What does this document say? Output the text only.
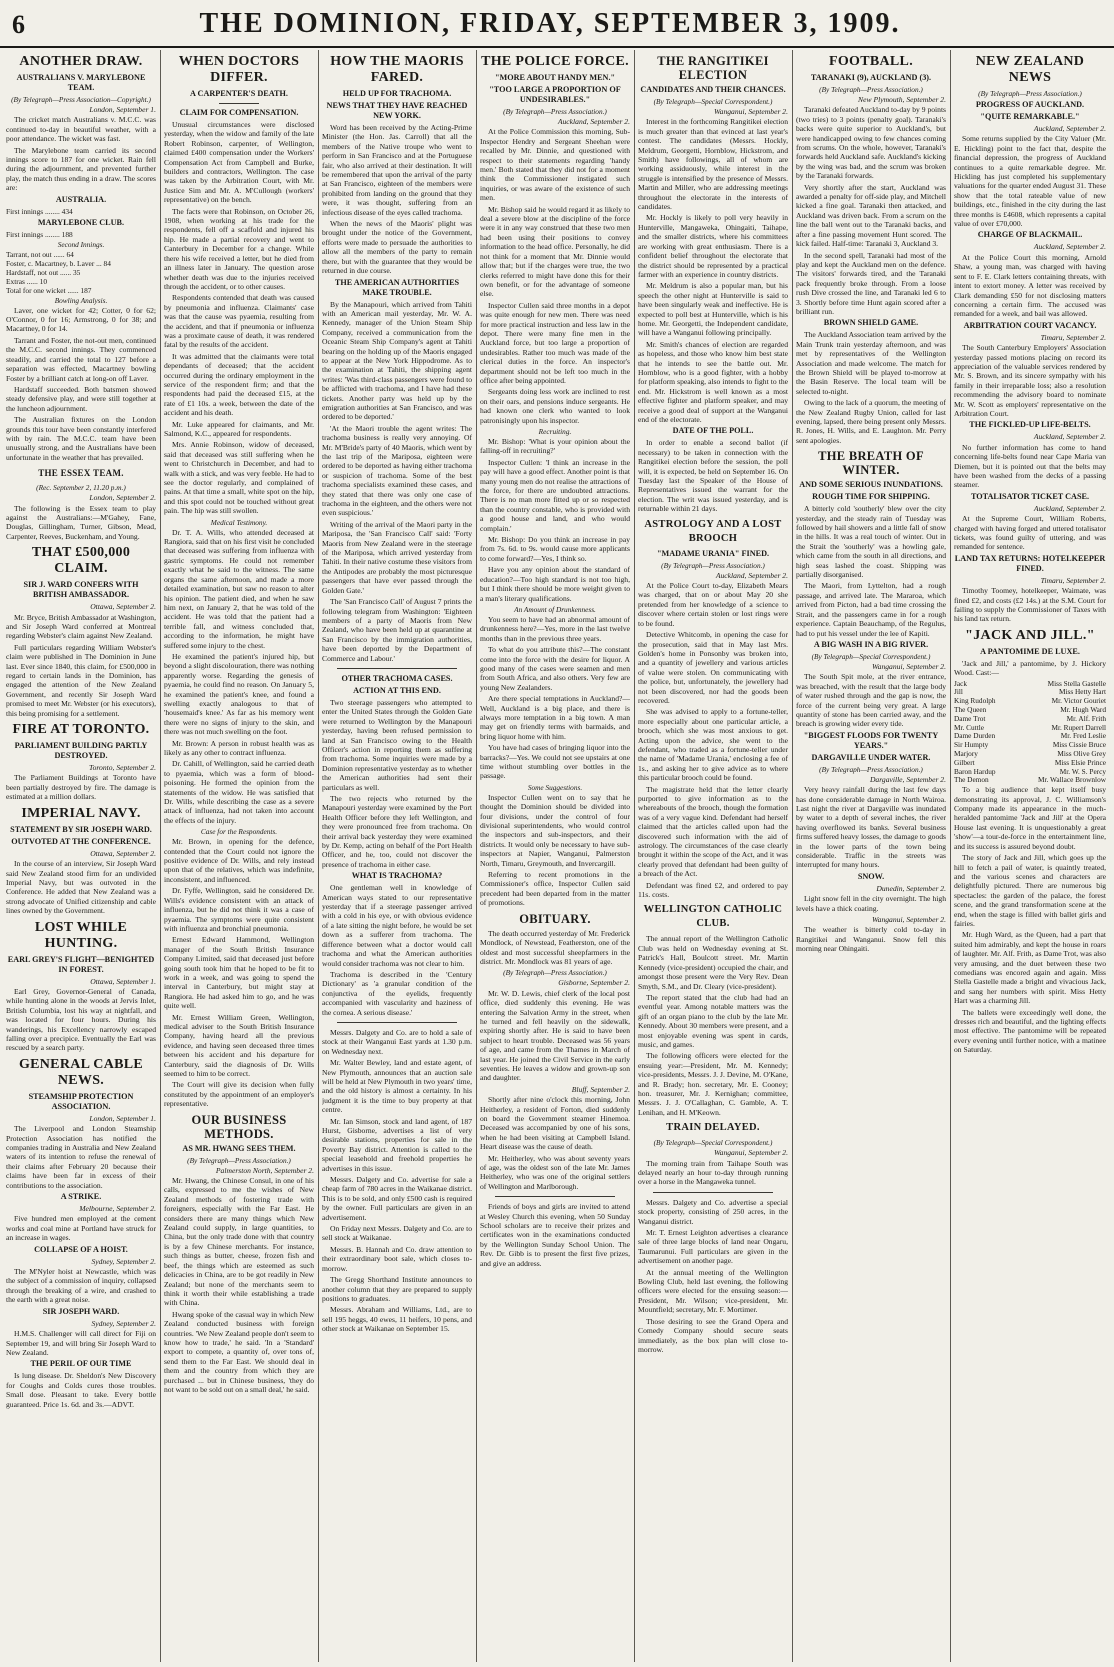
6	THE DOMINION, FRIDAY, SEPTEMBER 3, 1909.
ANOTHER DRAW.
AUSTRALIANS V. MARYLEBONE TEAM.
(By Telegraph—Press Association—Copyright.)
London, September 1.
The cricket match Australians v. M.C.C. was continued to-day in beautiful weather, with a poor attendance. The wicket was fast.
The Marylebone team carried its second innings score to 187 for one wicket. Rain fell during the adjournment, and prevented further play, the match thus ending in a draw. The scores are:
AUSTRALIA.
First innings ........ 434
MARYLEBONE CLUB.
First innings ........ 188
Second Innings.
Tarrant, not out ...... 64
Foster, c. Macartney, b. Laver ... 84
Hardstaff, not out ...... 35
Extras ...... 10
Total for one wicket ...... 187
Bowling Analysis.
Laver, one wicket for 42; Cotter, 0 for 62; O'Connor, 0 for 16; Armstrong, 0 for 38; and Macartney, 0 for 14.
Tarrant and Foster, the not-out men, continued the M.C.C. second innings. They commenced steadily, and carried the total to 127 before a separation was effected, Macartney bowling Foster by a brilliant catch at long-on off Laver.
Hardstaff succeeded. Both batsmen showed steady defensive play, and were still together at the luncheon adjournment.
The Australian fixtures on the London grounds this tour have been constantly interfered with by rain. The M.C.C. team have been unusually strong, and the Australians have been unfortunate in the weather that has prevailed.
THE ESSEX TEAM.
(Rec. September 2, 11.20 p.m.)
London, September 2.
The following is the Essex team to play against the Australians:—M'Gahey, Fane, Douglas, Gillingham, Turner, Gibson, Mead, Carpenter, Reeves, Buckenham, and Young.
THAT £500,000 CLAIM.
SIR J. WARD CONFERS WITH BRITISH AMBASSADOR.
Ottawa, September 2.
Mr. Bryce, British Ambassador at Washington, and Sir Joseph Ward conferred at Montreal regarding Webster's claim against New Zealand.
Full particulars regarding William Webster's claim were published in The Dominion in June last. Ever since 1840, this claim, for £500,000 in regard to certain lands in the Dominion, has engaged the attention of the New Zealand Government, and recently Sir Joseph Ward promised to meet Mr. Webster (or his executors), this being promising for a settlement.
FIRE AT TORONTO.
PARLIAMENT BUILDING PARTLY DESTROYED.
Toronto, September 2.
The Parliament Buildings at Toronto have been partially destroyed by fire. The damage is estimated at a million dollars.
IMPERIAL NAVY.
STATEMENT BY SIR JOSEPH WARD.
OUTVOTED AT THE CONFERENCE.
Ottawa, September 2.
In the course of an interview, Sir Joseph Ward said New Zealand stood firm for an undivided Imperial Navy, but was outvoted in the Conference. He added that New Zealand was a strong advocate of Unified citizenship and cable lines owned by the Government.
LOST WHILE HUNTING.
EARL GREY'S FLIGHT—BENIGHTED IN FOREST.
Ottawa, September 1.
Earl Grey, Governor-General of Canada, while hunting alone in the woods at Jervis Inlet, British Columbia, lost his way at nightfall, and was located for four hours. During his wanderings, his Excellency narrowly escaped falling over a precipice. Eventually the Earl was rescued by a search party.
GENERAL CABLE NEWS.
STEAMSHIP PROTECTION ASSOCIATION.
London, September 1.
The Liverpool and London Steamship Protection Association has notified the companies trading in Australia and New Zealand waters of its intention to refuse the renewal of their claims after February 20 because their claims have been far in excess of their contributions to the association.
A STRIKE.
Melbourne, September 2.
Five hundred men employed at the cement works and coal mine at Portland have struck for an increase in wages.
COLLAPSE OF A HOIST.
Sydney, September 2.
The M'Nyler hoist at Newcastle, which was the subject of a commission of inquiry, collapsed through the breaking of a wire, and crashed to the earth with a great noise.
SIR JOSEPH WARD.
Sydney, September 2.
H.M.S. Challenger will call direct for Fiji on September 19, and will bring Sir Joseph Ward to New Zealand.
THE PERIL OF OUR TIME
Is lung disease. Dr. Sheldon's New Discovery for Coughs and Colds cures those troubles. Small dose. Pleasant to take. Every bottle guaranteed. Price 1s. 6d. and 3s.—ADVT.
WHEN DOCTORS DIFFER.
A CARPENTER'S DEATH.
CLAIM FOR COMPENSATION.
Unusual circumstances were disclosed yesterday, when the widow and family of the late Robert Robinson, carpenter, of Wellington, claimed £400 compensation under the Workers' Compensation Act from Campbell and Burke, builders and contractors, Wellington. The case was taken by the Arbitration Court, with Mr. Justice Sim and Mr. A. M'Cullough (workers' representative) on the bench.
The facts were that Robinson, on October 26, 1908, when working at his trade for the respondents, fell off a scaffold and injured his hip. He made a partial recovery and went to Canterbury in December for a change. While there his wife received a letter, but he died from an illness later in January. The question arose whether death was due to the injuries received through the accident, or to other causes.
Respondents contended that death was caused by pneumonia and influenza. Claimants' case was that the cause was pyaemia, resulting from the accident, and that if pneumonia or influenza was a proximate cause of death, it was rendered fatal by the results of the accident.
It was admitted that the claimants were total dependants of deceased; that the accident occurred during the ordinary employment in the service of the respondent firm; and that the respondents had paid the deceased £15, at the rate of £1 10s. a week, between the date of the accident and his death.
Mr. Luke appeared for claimants, and Mr. Salmond, K.C., appeared for respondents.
Mrs. Annie Robinson, widow of deceased, said that deceased was still suffering when he went to Christchurch in December, and had to walk with a stick, and was very feeble. He had to see the doctor regularly, and complained of pains. At that time a small, white spot on the hip, and this spot could not be touched without great pain. The hip was still swollen.
Medical Testimony.
Dr. T. A. Wills, who attended deceased at Rangiora, said that on his first visit he concluded that deceased was suffering from influenza with gastric symptoms. He could not remember exactly what he said to the witness. The same organs the same afternoon, and made a more detailed examination, but saw no reason to alter his opinion. The patient died, and when he saw him next, on January 2, that he was told of the accident. He was told that the patient had a terrible fall, and witness concluded that, according to the information, he might have suffered some injury to the chest.
He examined the patient's injured hip, but beyond a slight discolouration, there was nothing apparently worse. Regarding the genesis of pyaemia, he could find no reason. On January 5, he examined the patient's knee, and found a swelling exactly analogous to that of 'housemaid's knee.' As far as his memory went there were no signs of injury to the skin, and there was not much swelling on the foot.
Mr. Brown: A person in robust health was as likely as any other to contract influenza.
Dr. Cahill, of Wellington, said he carried death to pyaemia, which was a form of blood-poisoning. He formed the opinion from the statements of the widow. He was satisfied that Dr. Wills, while describing the case as a severe attack of influenza, had not taken into account the effects of the injury.
Case for the Respondents.
Mr. Brown, in opening for the defence, contended that the Court could not ignore the positive evidence of Dr. Wills, and rely instead upon that of the relatives, which was indefinite, inconsistent, and influenced.
Dr. Fyffe, Wellington, said he considered Dr. Wills's evidence consistent with an attack of influenza, but he did not think it was a case of pyaemia. The symptoms were quite consistent with influenza and bronchial pneumonia.
Ernest Edward Hammond, Wellington manager of the South British Insurance Company Limited, said that deceased just before going south took him that he hoped to be fit to work in a week, and was going to spend the interval in Canterbury, but might stay at Rangiora. He had asked him to go, and he was quite well.
Mr. Ernest William Green, Wellington, medical adviser to the South British Insurance Company, having heard all the previous evidence, and having seen deceased three times between his accident and his departure for Canterbury, said the diagnosis of Dr. Wills seemed to him to be correct.
The Court will give its decision when fully constituted by the appointment of an employer's representative.
OUR BUSINESS METHODS.
AS MR. HWANG SEES THEM.
(By Telegraph—Press Association.)
Palmerston North, September 2.
Mr. Hwang, the Chinese Consul, in one of his calls, expressed to me the wishes of New Zealand methods of fostering trade with foreigners, especially with the Far East. He considers there are many things which New Zealand could supply, in large quantities, to China, but the only trade done with that country is by a few Chinese merchants. For instance, such things as butter, cheese, frozen fish and beef, the things which are esteemed as such delicacies in China, are to be got readily in New Zealand; but none of the merchants seem to think it worth their while establishing a trade with China.
Hwang spoke of the casual way in which New Zealand conducted business with foreign countries. 'We New Zealand people don't seem to know how to trade,' he said. 'In a 'Standard' export to compete, a quantity of, over tons of, send them to the Far East. We should deal in them and the country from which they are purchased ... but in Chinese business, 'they do not want to be sold out on a small deal,' he said.
HOW THE MAORIS FARED.
HELD UP FOR TRACHOMA.
NEWS THAT THEY HAVE REACHED NEW YORK.
Word has been received by the Acting-Prime Minister (the Hon. Jas. Carroll) that all the members of the Native troupe who went to perform in San Francisco and at the Portuguese fair, who also arrived at their destination. It will be remembered that upon the arrival of the party at San Francisco, eighteen of the members were prohibited from landing on the ground that they were, it was thought, suffering from an infectious disease of the eyes called trachoma.
When the news of the Maoris' plight was brought under the notice of the Government, efforts were made to persuade the authorities to allow all the members of the party to remain there, but with the guarantee that they would be returned in due course.
THE AMERICAN AUTHORITIES MAKE TROUBLE.
By the Manapouri, which arrived from Tahiti with an American mail yesterday, Mr. W. A. Kennedy, manager of the Union Steam Ship Company, received a communication from the Oceanic Steam Ship Company's agent at Tahiti bearing on the holding up of the Maoris engaged to appear at the New York Hippodrome. As to the examination at Tahiti, the shipping agent writes: 'Was third-class passengers were found to be afflicted with trachoma, and I have had these tickets. Another party was held up by the emigration authorities at San Francisco, and was ordered to be deported.'
'At the Maori trouble the agent writes: The trachoma business is really very annoying. Of Mr. M'Bride's party of 40 Maoris, which went by the last trip of the Mariposa, eighteen were ordered to be deported as having either trachoma or suspicion of trachoma. Some of the best trachoma specialists examined these cases, and they stated that there was only one case of trachoma in the eighteen, and the others were not even suspicious.'
Writing of the arrival of the Maori party in the Mariposa, the 'San Francisco Call' said: 'Forty Maoris from New Zealand were in the steerage of the Mariposa, which arrived yesterday from Tahiti. In their native costume these visitors from the Antipodes are probably the most picturesque passengers that have ever passed through the Golden Gate.'
The 'San Francisco Call' of August 7 prints the following telegram from Washington: 'Eighteen members of a party of Maoris from New Zealand, who have been held up at quarantine at San Francisco by the immigration authorities, have been deported by the Department of Commerce and Labour.'
OTHER TRACHOMA CASES.
ACTION AT THIS END.
Two steerage passengers who attempted to enter the United States through the Golden Gate were returned to Wellington by the Manapouri yesterday, having been refused permission to land at San Francisco owing to the Health Officer's action in reporting them as suffering from trachoma. Some inquiries were made by a Dominion representative yesterday as to whether the American authorities had sent their particulars as well.
The two rejects who returned by the Manapouri yesterday were examined by the Port Health Officer before they left Wellington, and they were pronounced free from trachoma. On their arrival back yesterday they were examined by Dr. Kemp, acting on behalf of the Port Health Officer, and he, too, could not discover the presence of trachoma in either case.
WHAT IS TRACHOMA?
One gentleman well in knowledge of American ways stated to our representative yesterday that if a steerage passenger arrived with a cold in his eye, or with obvious evidence of a late sitting the night before, he would be set down as a sufferer from trachoma. The difference between what a doctor would call trachoma and what the American authorities would consider trachoma was not clear to him.
Trachoma is described in the 'Century Dictionary' as 'a granular condition of the conjunctiva of the eyelids, frequently accompanied with vascularity and haziness of the cornea. A serious disease.'
Messrs. Dalgety and Co. are to hold a sale of stock at their Wanganui East yards at 1.30 p.m. on Wednesday next.
Mr. Walter Bewley, land and estate agent, of New Plymouth, announces that an auction sale will be held at New Plymouth in two years' time, and the old history is almost a certainty. In his judgment it is the time to buy property at that centre.
Mr. Ian Simson, stock and land agent, of 187 Hurst, Gisborne, advertises a list of very desirable stations, properties for sale in the Poverty Bay district. Attention is called to the special leasehold and freehold properties he advertises in this issue.
Messrs. Dalgety and Co. advertise for sale a cheap farm of 780 acres in the Waikanae district. This is to be sold, and only £500 cash is required by the owner. Full particulars are given in an advertisement.
On Friday next Messrs. Dalgety and Co. are to sell stock at Waikanae.
Messrs. B. Hannah and Co. draw attention to their extraordinary boot sale, which closes to-morrow.
The Gregg Shorthand Institute announces to another column that they are prepared to supply positions to graduates.
Messrs. Abraham and Williams, Ltd., are to sell 195 heggs, 40 ewes, 11 heifers, 10 pens, and other stock at Waikanae on September 15.
THE POLICE FORCE.
"MORE ABOUT HANDY MEN."
"TOO LARGE A PROPORTION OF UNDESIRABLES."
(By Telegraph—Press Association.)
Auckland, September 2.
At the Police Commission this morning, Sub-Inspector Hendry and Sergeant Sheehan were recalled by Mr. Dinnie, and questioned with respect to their statements regarding 'handy men.' Both stated that they did not for a moment think the Commissioner instigated such inquiries, or was aware of the existence of such men.
Mr. Bishop said he would regard it as likely to deal a severe blow at the discipline of the force were it in any way construed that these two men had been using their positions to convey information to the head office. Personally, he did not think for a moment that Mr. Dinnie would allow that; but if the charges were true, the two clerks referred to might have done this for their own benefit, or for the advantage of someone else.
Inspector Cullen said three months in a depot was quite enough for new men. There was need for more practical instruction and less law in the depot. There were many fine men in the Auckland force, but too large a proportion of undesirables. Rather too much was made of the clerical duties in the force. An inspector's department should not be left too much in the office after being appointed.
Sergeants doing less work are inclined to rest on their oars, and pensions induce sergeants. He had known one clerk who wanted to look patronisingly upon his inspector.
Recruiting.
Mr. Bishop: 'What is your opinion about the falling-off in recruiting?'
Inspector Cullen: 'I think an increase in the pay will have a good effect. Another point is that many young men do not realise the attractions of the force, for there are undoubted attractions. There is no man more fitted up or so respected than the country constable, who is provided with a good house and land, and who would complain.'
Mr. Bishop: Do you think an increase in pay from 7s. 6d. to 9s. would cause more applicants to come forward?—Yes, I think so.
Have you any opinion about the standard of education?—Too high standard is not too high, but I think there should be more weight given to a man's literary qualifications.
An Amount of Drunkenness.
You seem to have had an abnormal amount of drunkenness here?—Yes, more in the last twelve months than in the previous three years.
To what do you attribute this?—The constant come into the force with the desire for liquor. A good many of the cases were seamen and men from South Africa, and also others. Very few are young New Zealanders.
Are there special temptations in Auckland?—Well, Auckland is a big place, and there is always more temptation in a big town. A man may get on friendly terms with barmaids, and bring liquor home with him.
You have had cases of bringing liquor into the barracks?—Yes. We could not see upstairs at one time without stumbling over bottles in the passage.
Some Suggestions.
Inspector Cullen went on to say that he thought the Dominion should be divided into four divisions, under the control of four divisional superintendents, who would control the inspectors and sub-inspectors, and their districts. It would only be necessary to have sub-inspectors at Napier, Wanganui, Palmerston North, Timaru, Greymouth, and Invercargill.
Referring to recent promotions in the Commissioner's office, Inspector Cullen said precedent had been departed from in the matter of promotions.
OBITUARY.
The death occurred yesterday of Mr. Frederick Mondlock, of Newstead, Featherston, one of the oldest and most successful sheepfarmers in the district. Mr. Mondlock was 81 years of age.
(By Telegraph—Press Association.)
Gisborne, September 2.
Mr. W. D. Lewis, chief clerk of the local post office, died suddenly this evening. He was entering the Salvation Army in the street, when he turned and fell heavily on the sidewalk, expiring shortly after. He is said to have been subject to heart trouble. Deceased was 56 years of age, and came from the Thames in March of last year. He joined the Civil Service in the early seventies. He leaves a widow and grown-up son and daughter.
Bluff, September 2.
Shortly after nine o'clock this morning, John Heitherley, a resident of Forton, died suddenly on board the Government steamer Hinemoa. Deceased was accompanied by one of his sons, when he had been visiting at Campbell Island. Heart disease was the cause of death.
Mr. Heitherley, who was about seventy years of age, was the oldest son of the late Mr. James Heitherley, who was one of the original settlers of Wellington and Marlborough.
Friends of boys and girls are invited to attend at Wesley Church this evening, when 50 Sunday School scholars are to receive their prizes and certificates won in the examinations conducted by the Wellington Sunday School Union. The Rev. Dr. Gibb is to present the first five prizes, and give an address.
THE RANGITIKEI ELECTION
CANDIDATES AND THEIR CHANCES.
(By Telegraph—Special Correspondent.)
Wanganui, September 2.
Interest in the forthcoming Rangitikei election is much greater than that evinced at last year's contest. The candidates (Messrs. Hockly, Meldrum, Georgetti, Hornblow, Hickstrom, and Smith) have followings, all of whom are working assiduously, while interest in the struggle is intensified by the presence of Messrs. Martin and Miller, who are addressing meetings throughout the electorate in the interests of candidates.
Mr. Hockly is likely to poll very heavily in Hunterville, Mangaweka, Ohingaiti, Taihape, and the smaller districts, where his committees are working with great enthusiasm. There is a confident belief throughout the electorate that the district should be represented by a practical farmer with an experience in country districts.
Mr. Meldrum is also a popular man, but his speech the other night at Hunterville is said to have been singularly weak and ineffective. He is expected to poll best at Hunterville, which is his home. Mr. Georgetti, the Independent candidate, will have a Wanganui following principally.
Mr. Smith's chances of election are regarded as hopeless, and those who know him best state that he intends to see the battle out. Mr. Hornblow, who is a good fighter, with a hobby for platform speaking, also intends to fight to the end. Mr. Hickstrom is well known as a most effective fighter and platform speaker, and may receive a good deal of support at the Wanganui end of the electorate.
DATE OF THE POLL.
In order to enable a second ballot (if necessary) to be taken in connection with the Rangitikei election before the session, the poll will, it is expected, be held on September 16. On Tuesday last the Speaker of the House of Representatives issued the warrant for the election. The writ was issued yesterday, and is returnable within 21 days.
ASTROLOGY AND A LOST BROOCH
"MADAME URANIA" FINED.
(By Telegraph—Press Association.)
Auckland, September 2.
At the Police Court to-day, Elizabeth Mears was charged, that on or about May 20 she pretended from her knowledge of a science to discover where certain stolen or lost rings were to be found.
Detective Whitcomb, in opening the case for the prosecution, said that in May last Mrs. Golden's home in Ponsonby was broken into, and a quantity of jewellery and various articles of value were stolen. On communicating with the police, but, unfortunately, the jewellery had not been discovered, nor had the goods been recovered.
She was advised to apply to a fortune-teller, more especially about one particular article, a brooch, which she was most anxious to get. Acting upon the advice, she went to the defendant, who traded as a fortune-teller under the name of 'Madame Urania,' enclosing a fee of 1s., and asking her to give advice as to where this particular brooch could be found.
The magistrate held that the letter clearly purported to give information as to the whereabouts of the brooch, though the formation was of a very vague kind. Defendant had herself claimed that the articles called upon had the discovered such information with the aid of astrology. The circumstances of the case clearly brought it within the scope of the Act, and it was clearly proved that defendant had been guilty of a breach of the Act.
Defendant was fined £2, and ordered to pay 11s. costs.
WELLINGTON CATHOLIC CLUB.
The annual report of the Wellington Catholic Club was held on Wednesday evening at St. Patrick's Hall, Boulcott street. Mr. Martin Kennedy (vice-president) occupied the chair, and amongst those present were the Very Rev. Dean Smyth, S.M., and Dr. Cleary (vice-president).
The report stated that the club had had an eventful year. Among notable matters was the gift of an organ piano to the club by the late Mr. Kennedy. About 30 members were present, and a most enjoyable evening was spent in cards, music, and games.
The following officers were elected for the ensuing year:—President, Mr. M. Kennedy; vice-presidents, Messrs. J. J. Devine, M. O'Kane, and R. Brady; hon. secretary, Mr. E. Cooney; hon. treasurer, Mr. J. Kernighan; committee, Messrs. J. J. O'Callaghan, C. Gamble, A. T. Lenihan, and H. M'Keown.
TRAIN DELAYED.
(By Telegraph—Special Correspondent.)
Wanganui, September 2.
The morning train from Taihape South was delayed nearly an hour to-day through running over a horse in the Mangaweka tunnel.
Messrs. Dalgety and Co. advertise a special stock property, consisting of 250 acres, in the Wanganui district.
Mr. T. Ernest Leighton advertises a clearance sale of three large blocks of land near Ongaru, Taumarunui. Full particulars are given in the advertisement on another page.
At the annual meeting of the Wellington Bowling Club, held last evening, the following officers were elected for the ensuing season:—President, Mr. Wilson; vice-president, Mr. Mountfield; secretary, Mr. F. Mortimer.
Those desiring to see the Grand Opera and Comedy Company should secure seats immediately, as the box plan will close to-morrow.
FOOTBALL.
TARANAKI (9), AUCKLAND (3).
(By Telegraph—Press Association.)
New Plymouth, September 2.
Taranaki defeated Auckland to-day by 9 points (two tries) to 3 points (penalty goal). Taranaki's backs were quite superior to Auckland's, but were handicapped owing to few chances coming from scrums. On the whole, however, Taranaki's forwards held Auckland safe. Auckland's kicking by the wing was bad, and the scrum was broken by the Taranaki forwards.
Very shortly after the start, Auckland was awarded a penalty for off-side play, and Mitchell kicked a fine goal. Taranaki then attacked, and Auckland was driven back. From a scrum on the line the ball went out to the Taranaki backs, and after a fine passing movement Hunt scored. The kick failed. Half-time: Taranaki 3, Auckland 3.
In the second spell, Taranaki had most of the play and kept the Auckland men on the defence. The visitors' forwards tired, and the Taranaki pack frequently broke through. From a loose rush Dive crossed the line, and Taranaki led 6 to 3. Shortly before time Hunt again scored after a brilliant run.
BROWN SHIELD GAME.
The Auckland Association team arrived by the Main Trunk train yesterday afternoon, and was met by representatives of the Wellington Association and made welcome. The match for the Brown Shield will be played to-morrow at the Basin Reserve. The local team will be selected to-night.
Owing to the lack of a quorum, the meeting of the New Zealand Rugby Union, called for last evening, lapsed, there being present only Messrs. R. Jones, H. Wills, and E. Laughton. Mr. Perry sent apologies.
THE BREATH OF WINTER.
AND SOME SERIOUS INUNDATIONS.
ROUGH TIME FOR SHIPPING.
A bitterly cold 'southerly' blew over the city yesterday, and the steady rain of Tuesday was followed by hail showers and a little fall of snow in the hills. It was a real touch of winter. Out in the Strait the 'southerly' was a howling gale, which came from the south in all directions, and high seas lashed the coast. Shipping was partially disorganised.
The Maori, from Lyttelton, had a rough passage, and arrived late. The Mararoa, which arrived from Picton, had a bad time crossing the Strait, and the passengers came in for a rough experience. Captain Beauchamp, of the Regulus, had to put his vessel under the lee of Kapiti.
A BIG WASH IN A BIG RIVER.
(By Telegraph—Special Correspondent.)
Wanganui, September 2.
The South Spit mole, at the river entrance, was breached, with the result that the large body of water rushed through and the gap is now, the force of the current being very great. A large quantity of stone has been carried away, and the breach is growing wider every tide.
"BIGGEST FLOODS FOR TWENTY YEARS."
DARGAVILLE UNDER WATER.
(By Telegraph—Press Association.)
Dargaville, September 2.
Very heavy rainfall during the last few days has done considerable damage in North Wairoa. Last night the river at Dargaville was inundated by water to a depth of several inches, the river having overflowed its banks. Several business firms suffered heavy losses, the damage to goods in the lower parts of the town being considerable. Traffic in the streets was interrupted for many hours.
SNOW.
Dunedin, September 2.
Light snow fell in the city overnight. The high levels have a thick coating.
Wanganui, September 2.
The weather is bitterly cold to-day in Rangitikei and Wanganui. Snow fell this morning near Ohingaiti.
NEW ZEALAND NEWS
(By Telegraph—Press Association.)
PROGRESS OF AUCKLAND.
"QUITE REMARKABLE."
Auckland, September 2.
Some returns supplied by the City Valuer (Mr. E. Hickling) point to the fact that, despite the financial depression, the progress of Auckland continues to a quite remarkable degree. Mr. Hickling has just completed his supplementary valuations for the quarter ended August 31. These show that the total rateable value of new buildings, etc., finished in the city during the last three months is £4608, which represents a capital value of over £70,000.
CHARGE OF BLACKMAIL.
Auckland, September 2.
At the Police Court this morning, Arnold Shaw, a young man, was charged with having sent to F. E. Clark letters containing threats, with intent to extort money. A letter was received by Clark demanding £50 for not disclosing matters concerning a certain firm. The accused was remanded for a week, and bail was allowed.
ARBITRATION COURT VACANCY.
Timaru, September 2.
The South Canterbury Employers' Association yesterday passed motions placing on record its appreciation of the valuable services rendered by Mr. S. Brown, and its sincere sympathy with his family in their irreparable loss; also a resolution recommending the advisory board to nominate Mr. W. Scott as employers' representative on the Arbitration Court.
THE FICKLED-UP LIFE-BELTS.
Auckland, September 2.
No further information has come to hand concerning life-belts found near Cape Maria van Diemen, but it is pointed out that the belts may have been washed from the decks of a passing steamer.
TOTALISATOR TICKET CASE.
Auckland, September 2.
At the Supreme Court, William Roberts, charged with having forged and uttered totalisator tickets, was found guilty of uttering, and was remanded for sentence.
LAND TAX RETURNS: HOTELKEEPER FINED.
Timaru, September 2.
Timothy Toomey, hotelkeeper, Waimate, was fined £2, and costs (£2 14s.) at the S.M. Court for failing to supply the Commissioner of Taxes with his land tax return.
"JACK AND JILL."
A PANTOMIME DE LUXE.
'Jack and Jill,' a pantomime, by J. Hickory Wood. Cast:—
Jack	Miss Stella Gastelle
Jill	Miss Hetty Hart
King Rudolph	Mr. Victor Gouriet
The Queen	Mr. Hugh Ward
Dame Trot	Mr. Alf. Frith
Mr. Cuttle	Mr. Rupert Darrell
Dame Durden	Mr. Fred Leslie
Sir Humpty	Miss Cissie Bruce
Marjory	Miss Olive Grey
Gilbert	Miss Elsie Prince
Baron Hardup	Mr. W. S. Percy
The Demon	Mr. Wallace Brownlow
To a big audience that kept itself busy demonstrating its approval, J. C. Williamson's Company made its appearance in the much-heralded pantomime 'Jack and Jill' at the Opera House last evening. It is unquestionably a great 'show'—a tour-de-force in the entertainment line, and its success is assured beyond doubt.
The story of Jack and Jill, which goes up the hill to fetch a pail of water, is quaintly treated, and the various scenes and characters are delightfully pictured. There are numerous big spectacles: the garden of the palace, the forest scene, and the grand transformation scene at the end, when the stage is filled with ballet girls and fairies.
Mr. Hugh Ward, as the Queen, had a part that suited him admirably, and kept the house in roars of laughter. Mr. Alf. Frith, as Dame Trot, was also very amusing, and the duet between these two comedians was encored again and again. Miss Stella Gastelle made a bright and vivacious Jack, and sang her numbers with spirit. Miss Hetty Hart was a charming Jill.
The ballets were exceedingly well done, the dresses rich and beautiful, and the lighting effects most effective. The pantomime will be repeated every evening until further notice, with a matinee on Saturday.
